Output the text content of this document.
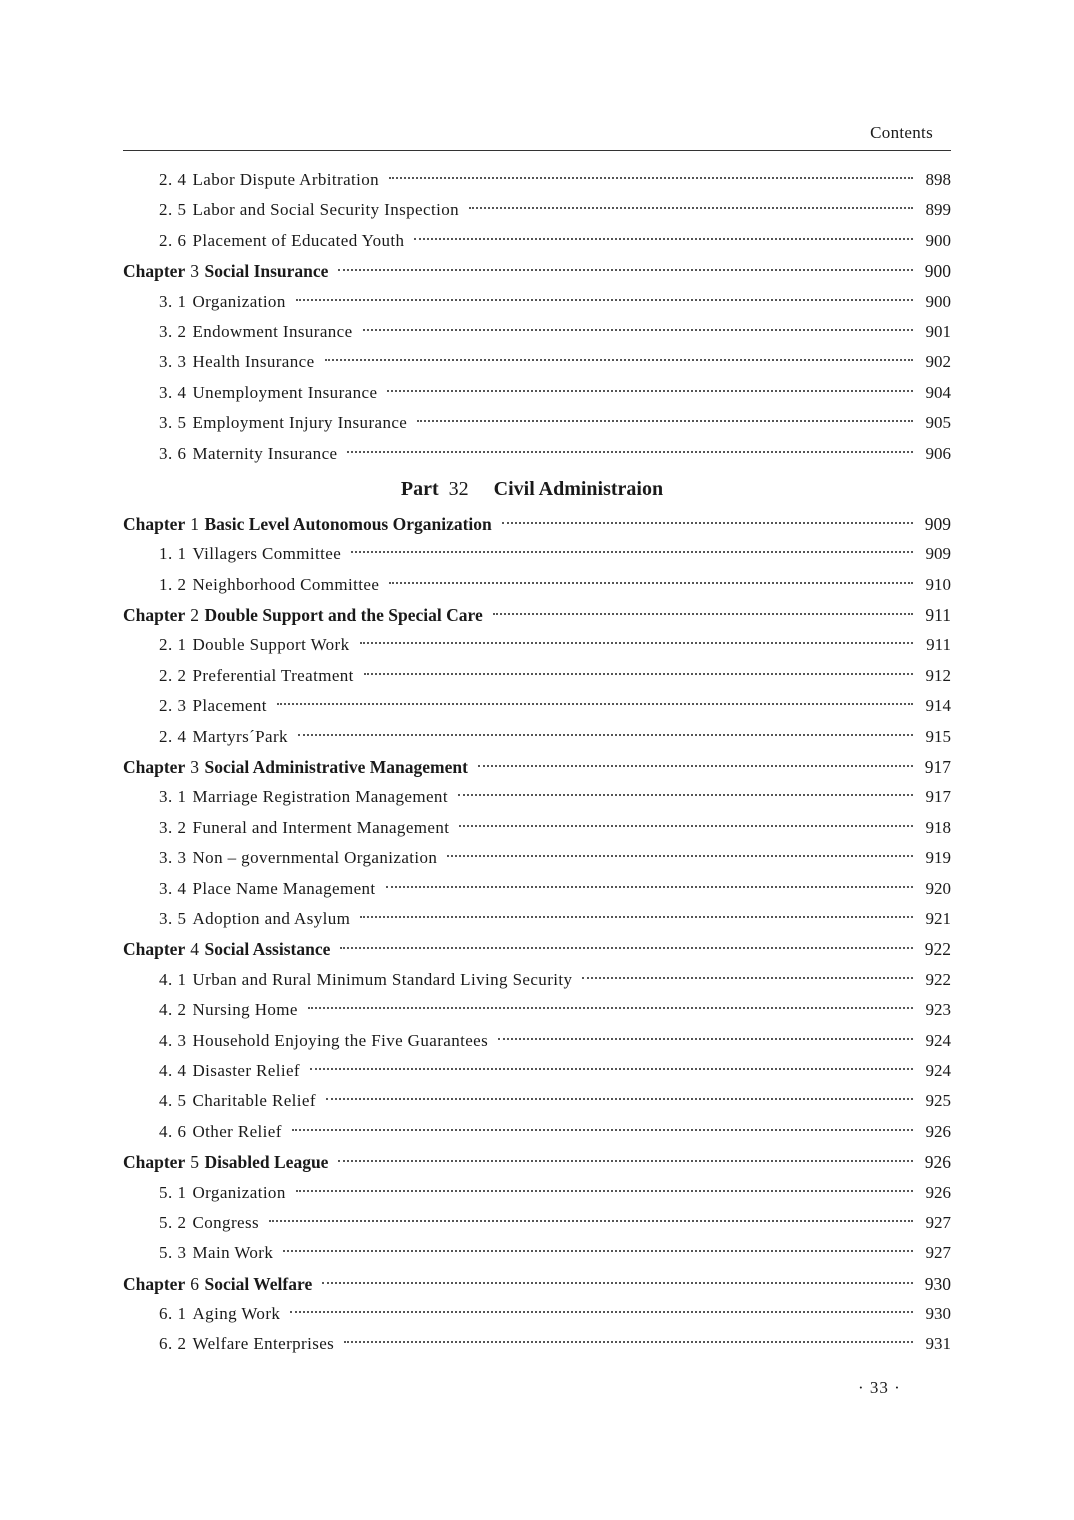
Contents
2. 4 Labor Dispute Arbitration	898
2. 5 Labor and Social Security Inspection	899
2. 6 Placement of Educated Youth	900
Chapter 3 Social Insurance	900
3. 1 Organization	900
3. 2 Endowment Insurance	901
3. 3 Health Insurance	902
3. 4 Unemployment Insurance	904
3. 5 Employment Injury Insurance	905
3. 6 Maternity Insurance	906
Part 32 Civil Administraion
Chapter 1 Basic Level Autonomous Organization	909
1. 1 Villagers Committee	909
1. 2 Neighborhood Committee	910
Chapter 2 Double Support and the Special Care	911
2. 1 Double Support Work	911
2. 2 Preferential Treatment	912
2. 3 Placement	914
2. 4 Martyrs´Park	915
Chapter 3 Social Administrative Management	917
3. 1 Marriage Registration Management	917
3. 2 Funeral and Interment Management	918
3. 3 Non – governmental Organization	919
3. 4 Place Name Management	920
3. 5 Adoption and Asylum	921
Chapter 4 Social Assistance	922
4. 1 Urban and Rural Minimum Standard Living Security	922
4. 2 Nursing Home	923
4. 3 Household Enjoying the Five Guarantees	924
4. 4 Disaster Relief	924
4. 5 Charitable Relief	925
4. 6 Other Relief	926
Chapter 5 Disabled League	926
5. 1 Organization	926
5. 2 Congress	927
5. 3 Main Work	927
Chapter 6 Social Welfare	930
6. 1 Aging Work	930
6. 2 Welfare Enterprises	931
· 33 ·
